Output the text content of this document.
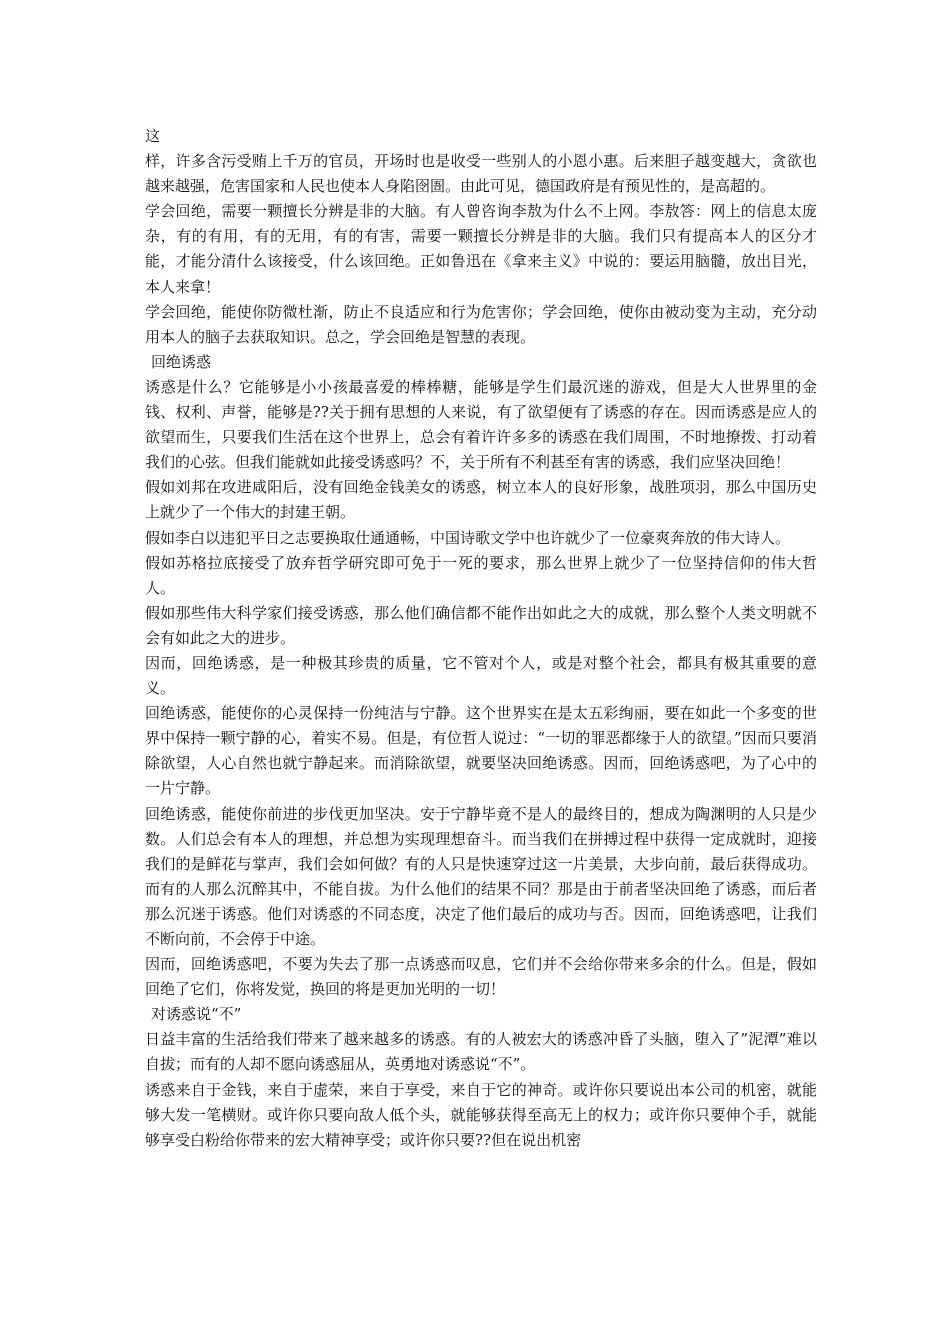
这

样，许多含污受贿上千万的官员，开场时也是收受一些别人的小恩小惠。后来胆子越变越大，贪欲也越来越强，危害国家和人民也使本人身陷囹圄。由此可见，德国政府是有预见性的，是高超的。

学会回绝，需要一颗擅长分辨是非的大脑。有人曾咨询李敖为什么不上网。李敖答：网上的信息太庞杂，有的有用，有的无用，有的有害，需要一颗擅长分辨是非的大脑。我们只有提高本人的区分才能，才能分清什么该接受，什么该回绝。正如鲁迅在《拿来主义》中说的：要运用脑髓，放出目光，本人来拿！

学会回绝，能使你防微杜渐，防止不良适应和行为危害你；学会回绝，使你由被动变为主动，充分动用本人的脑子去获取知识。总之，学会回绝是智慧的表现。

回绝诱惑

诱惑是什么？它能够是小小孩最喜爱的棒棒糖，能够是学生们最沉迷的游戏，但是大人世界里的金钱、权利、声誉，能够是??关于拥有思想的人来说，有了欲望便有了诱惑的存在。因而诱惑是应人的欲望而生，只要我们生活在这个世界上，总会有着许许多多的诱惑在我们周围，不时地撩拨、打动着我们的心弦。但我们能就如此接受诱惑吗？不，关于所有不利甚至有害的诱惑，我们应坚决回绝！

假如刘邦在攻进咸阳后，没有回绝金钱美女的诱惑，树立本人的良好形象，战胜项羽，那么中国历史上就少了一个伟大的封建王朝。

假如李白以违犯平日之志要换取仕通通畅，中国诗歌文学中也许就少了一位豪爽奔放的伟大诗人。

假如苏格拉底接受了放弃哲学研究即可免于一死的要求，那么世界上就少了一位坚持信仰的伟大哲人。

假如那些伟大科学家们接受诱惑，那么他们确信都不能作出如此之大的成就，那么整个人类文明就不会有如此之大的进步。

因而，回绝诱惑，是一种极其珍贵的质量，它不管对个人，或是对整个社会，都具有极其重要的意义。

回绝诱惑，能使你的心灵保持一份纯洁与宁静。这个世界实在是太五彩绚丽，要在如此一个多变的世界中保持一颗宁静的心，着实不易。但是，有位哲人说过：“一切的罪恶都缘于人的欲望。”因而只要消除欲望，人心自然也就宁静起来。而消除欲望，就要坚决回绝诱惑。因而，回绝诱惑吧，为了心中的一片宁静。

回绝诱惑，能使你前进的步伐更加坚决。安于宁静毕竟不是人的最终目的，想成为陶渊明的人只是少数。人们总会有本人的理想，并总想为实现理想奋斗。而当我们在拼搏过程中获得一定成就时，迎接我们的是鲜花与掌声，我们会如何做？有的人只是快速穿过这一片美景，大步向前，最后获得成功。而有的人那么沉醉其中，不能自拔。为什么他们的结果不同？那是由于前者坚决回绝了诱惑，而后者那么沉迷于诱惑。他们对诱惑的不同态度，决定了他们最后的成功与否。因而，回绝诱惑吧，让我们不断向前，不会停于中途。

因而，回绝诱惑吧，不要为失去了那一点诱惑而叹息，它们并不会给你带来多余的什么。但是，假如回绝了它们，你将发觉，换回的将是更加光明的一切！

对诱惑说“不”

日益丰富的生活给我们带来了越来越多的诱惑。有的人被宏大的诱惑冲昏了头脑，堕入了”泥潭”难以自拔；而有的人却不愿向诱惑屈从，英勇地对诱惑说“不”。

诱惑来自于金钱，来自于虚荣，来自于享受，来自于它的神奇。或许你只要说出本公司的机密，就能够大发一笔横财。或许你只要向敌人低个头，就能够获得至高无上的权力；或许你只要伸个手，就能够享受白粉给你带来的宏大精神享受；或许你只要??但在说出机密
